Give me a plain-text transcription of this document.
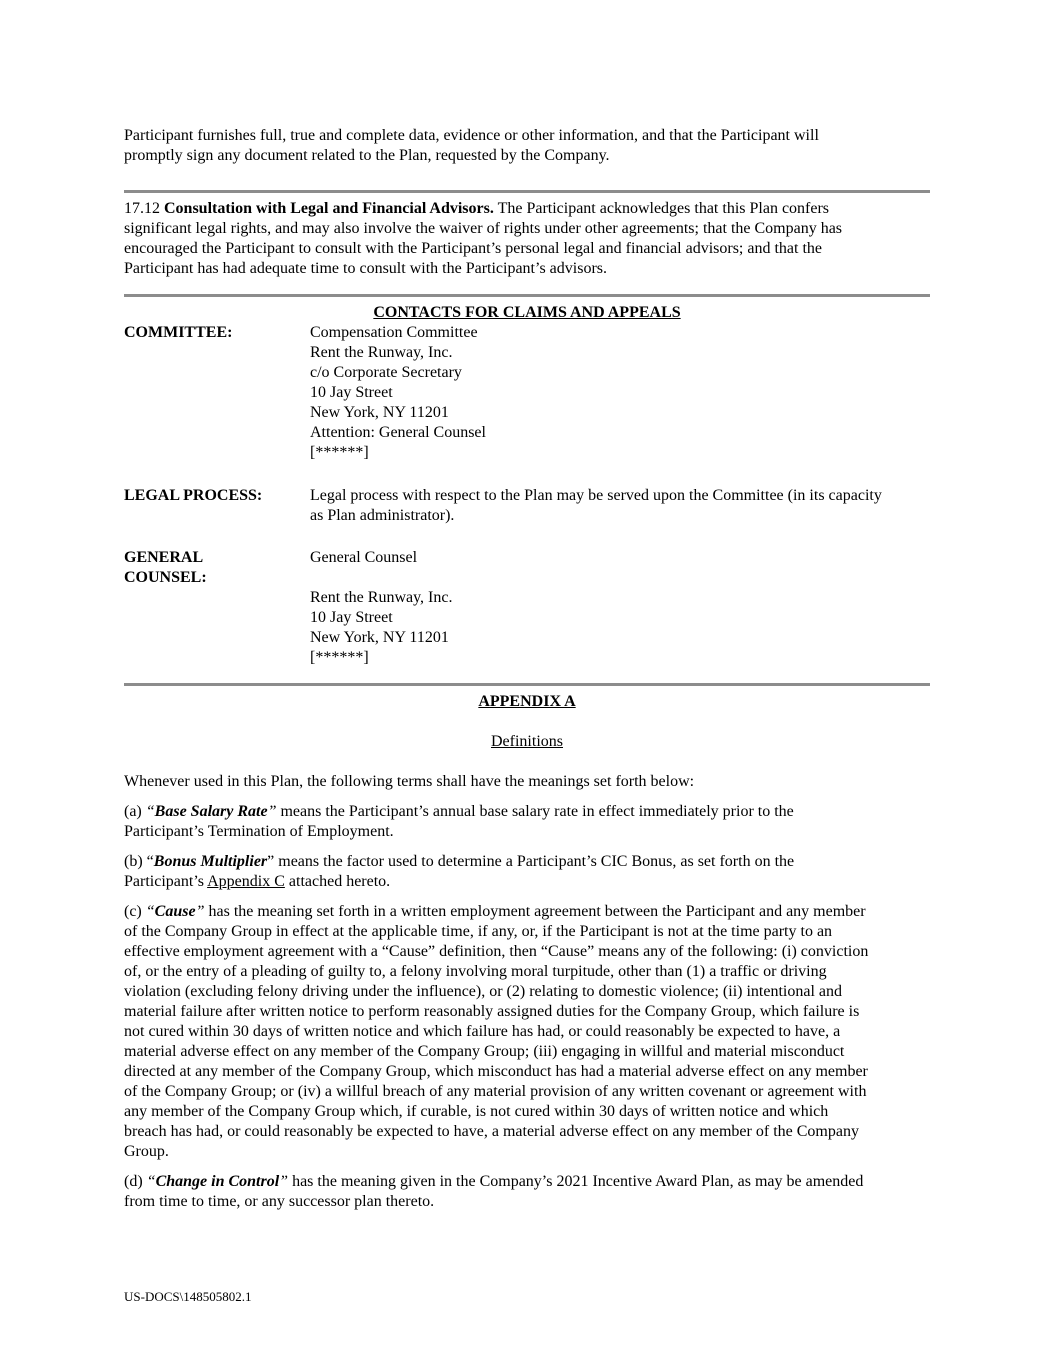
Participant furnishes full, true and complete data, evidence or other information, and that the Participant will

promptly sign any document related to the Plan, requested by the Company.

17.12 Consultation with Legal and Financial Advisors. The Participant acknowledges that this Plan confers

significant legal rights, and may also involve the waiver of rights under other agreements; that the Company has

encouraged the Participant to consult with the Participant’s personal legal and financial advisors; and that the

Participant has had adequate time to consult with the Participant’s advisors.

CONTACTS FOR CLAIMS AND APPEALS

COMMITTEE:	Compensation Committee

Rent the Runway, Inc.

c/o Corporate Secretary

10 Jay Street

New York, NY 11201

Attention: General Counsel

[******]

LEGAL PROCESS:	Legal process with respect to the Plan may be served upon the Committee (in its capacity

as Plan administrator).

GENERAL

COUNSEL:

General Counsel

Rent the Runway, Inc.

10 Jay Street

New York, NY 11201

[******]

APPENDIX A

Definitions

Whenever used in this Plan, the following terms shall have the meanings set forth below:

(a) “Base Salary Rate” means the Participant’s annual base salary rate in effect immediately prior to the

Participant’s Termination of Employment.

(b) “Bonus Multiplier” means the factor used to determine a Participant’s CIC Bonus, as set forth on the

Participant’s Appendix C attached hereto.

(c) “Cause” has the meaning set forth in a written employment agreement between the Participant and any member

of the Company Group in effect at the applicable time, if any, or, if the Participant is not at the time party to an

effective employment agreement with a “Cause” definition, then “Cause” means any of the following: (i) conviction

of, or the entry of a pleading of guilty to, a felony involving moral turpitude, other than (1) a traffic or driving

violation (excluding felony driving under the influence), or (2) relating to domestic violence; (ii) intentional and

material failure after written notice to perform reasonably assigned duties for the Company Group, which failure is

not cured within 30 days of written notice and which failure has had, or could reasonably be expected to have, a

material adverse effect on any member of the Company Group; (iii) engaging in willful and material misconduct

directed at any member of the Company Group, which misconduct has had a material adverse effect on any member

of the Company Group; or (iv) a willful breach of any material provision of any written covenant or agreement with

any member of the Company Group which, if curable, is not cured within 30 days of written notice and which

breach has had, or could reasonably be expected to have, a material adverse effect on any member of the Company

Group.

(d) “Change in Control” has the meaning given in the Company’s 2021 Incentive Award Plan, as may be amended

from time to time, or any successor plan thereto.

US-DOCS\148505802.1
